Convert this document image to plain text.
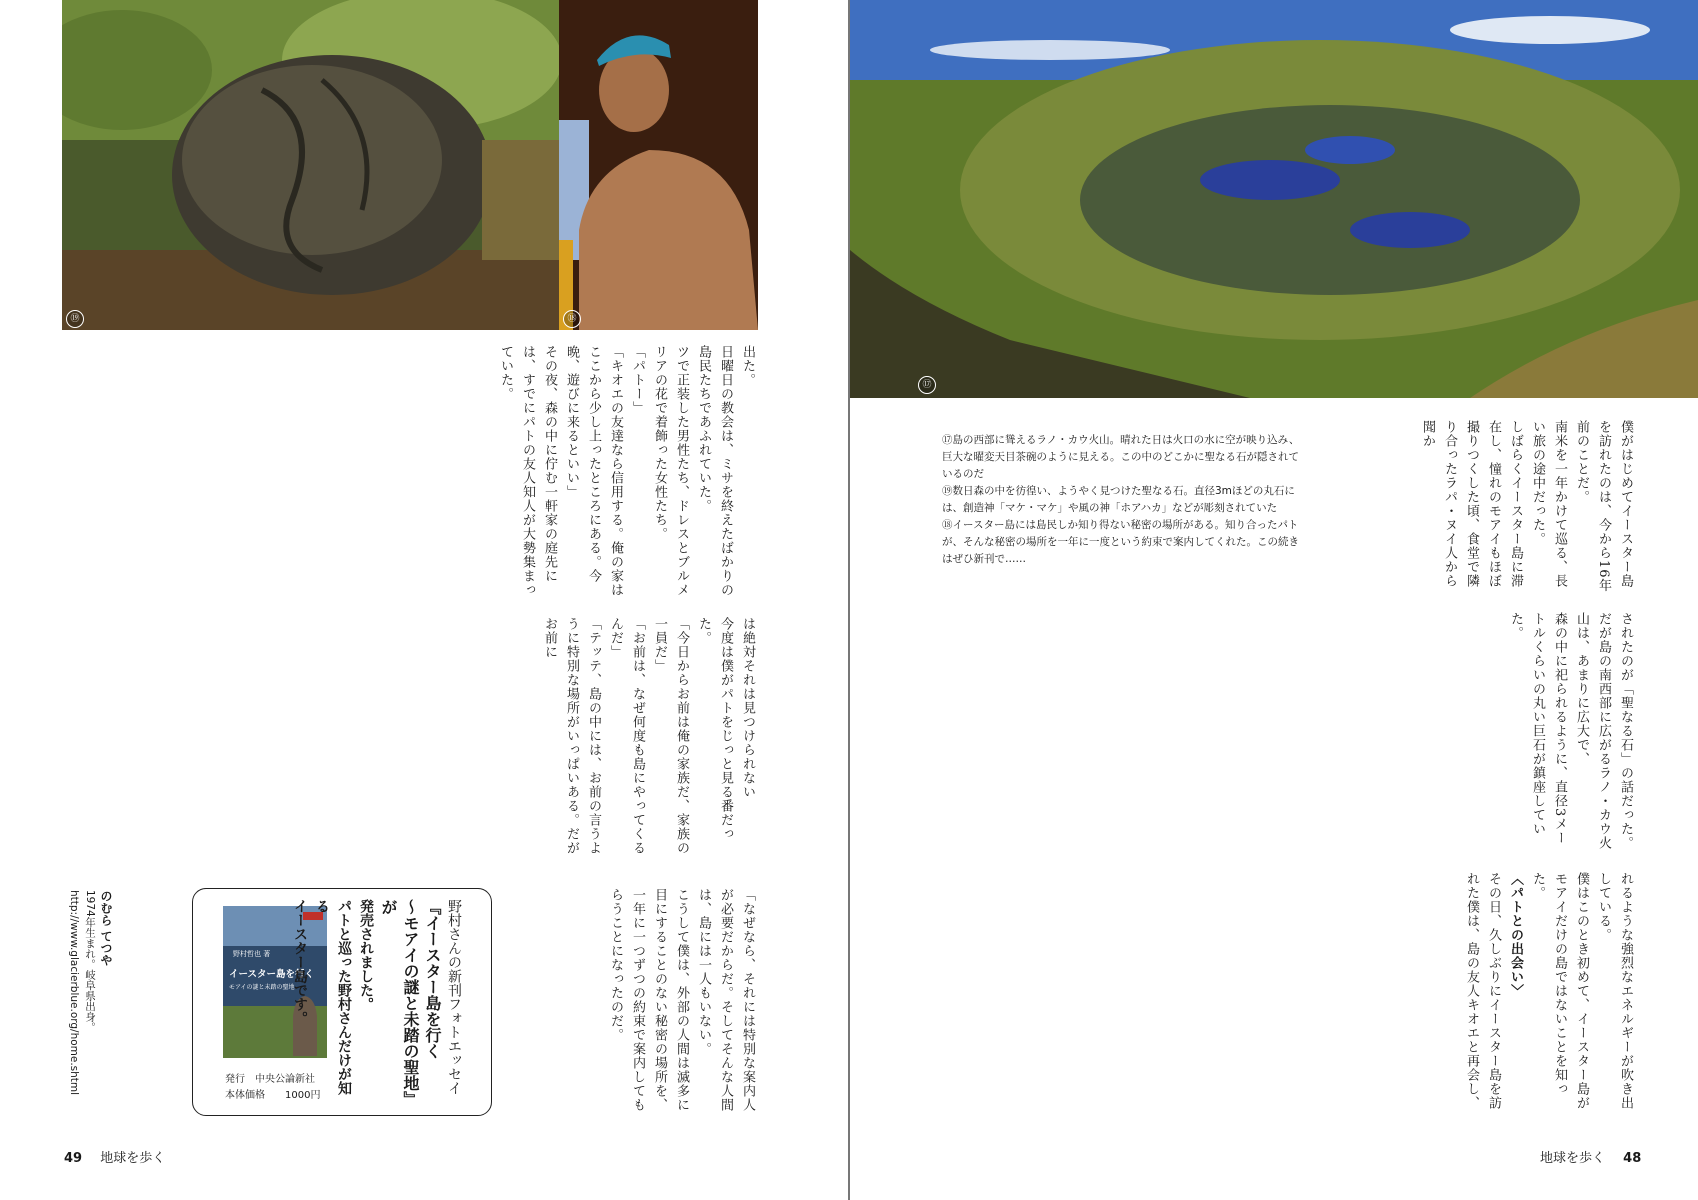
⑲	⑱

出た。

日曜日の教会は、ミサを終えたばかりの島民たちであふれていた。

ツで正装した男性たち、ドレスとブルメリアの花で着飾った女性たち。

「パトー」

「キオエの友達なら信用する。俺の家はここから少し上ったところにある。今晩、遊びに来るといい」

その夜、森の中に佇む一軒家の庭先には、すでにパトの友人知人が大勢集まっていた。

は絶対それは見つけられない

今度は僕がパトをじっと見る番だった。

「今日からお前は俺の家族だ、家族の一員だ」

「お前は、なぜ何度も島にやってくるんだ」

「テッテ、島の中には、お前の言うように特別な場所がいっぱいある。だがお前に

「なぜなら、それには特別な案内人が必要だからだ。そしてそんな人間は、島には一人もいない。

こうして僕は、外部の人間は滅多に目にすることのない秘密の場所を、一年に一つずつの約束で案内してもらうことになったのだ。

野村哲也 著
イースター島を行く
モアイの謎と未踏の聖地
発行　中央公論新社
本体価格　　1000円

野村さんの新刊フォトエッセイ

『イースター島を行く

～モアイの謎と未踏の聖地』が

発売されました。

パトと巡った野村さんだけが知る

イースター島です。

のむら てつや

1974年生まれ。岐阜県出身。

http://www.glacierblue.org/home.shtml

49 地球を歩く
⑰

僕がはじめてイースター島を訪れたのは、今から16年前のことだ。

南米を一年かけて巡る、長い旅の途中だった。

しばらくイースター島に滞在し、憧れのモアイもほぼ撮りつくした頃、食堂で隣り合ったラパ・ヌイ人から聞か

されたのが「聖なる石」の話だった。

だが島の南西部に広がるラノ・カウ火山は、あまりに広大で、

森の中に祀られるように、直径3メートルくらいの丸い巨石が鎮座していた。

れるような強烈なエネルギーが吹き出している。

僕はこのとき初めて、イースター島がモアイだけの島ではないことを知った。

〈パトとの出会い〉

その日、久しぶりにイースター島を訪れた僕は、島の友人キオエと再会し、

地球を歩く 48

⑰島の西部に聳えるラノ・カウ火山。晴れた日は火口の水に空が映り込み、巨大な曜変天目茶碗のように見える。この中のどこかに聖なる石が隠されているのだ

⑲数日森の中を彷徨い、ようやく見つけた聖なる石。直径3mほどの丸石には、創造神「マケ・マケ」や風の神「ホアハカ」などが彫刻されていた

⑱イースター島には島民しか知り得ない秘密の場所がある。知り合ったパトが、そんな秘密の場所を一年に一度という約束で案内してくれた。この続きはぜひ新刊で……
